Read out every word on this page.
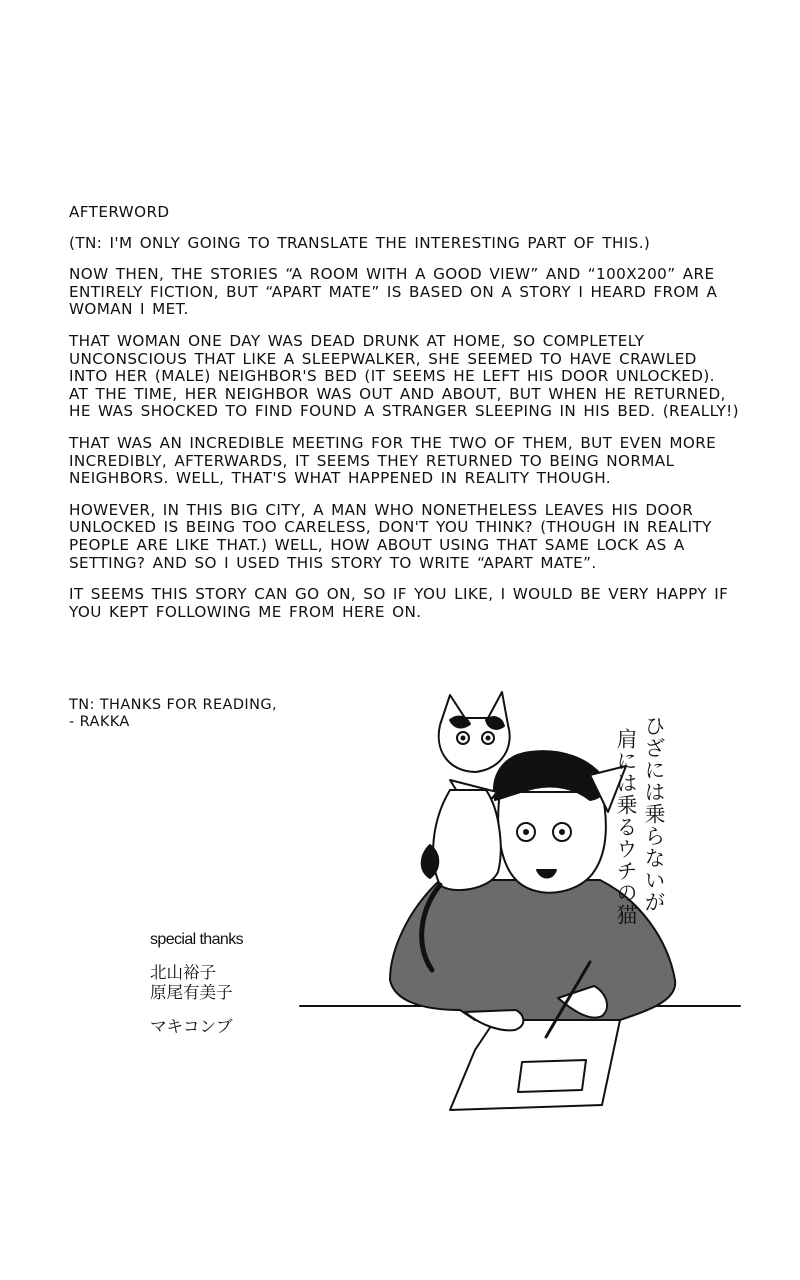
AFTERWORD

(TN: I'M ONLY GOING TO TRANSLATE THE INTERESTING PART OF THIS.)

NOW THEN, THE STORIES “A ROOM WITH A GOOD VIEW” AND “100X200” ARE ENTIRELY FICTION, BUT “APART MATE” IS BASED ON A STORY I HEARD FROM A WOMAN I MET.

THAT WOMAN ONE DAY WAS DEAD DRUNK AT HOME, SO COMPLETELY UNCONSCIOUS THAT LIKE A SLEEPWALKER, SHE SEEMED TO HAVE CRAWLED INTO HER (MALE) NEIGHBOR'S BED (IT SEEMS HE LEFT HIS DOOR UNLOCKED). AT THE TIME, HER NEIGHBOR WAS OUT AND ABOUT, BUT WHEN HE RETURNED, HE WAS SHOCKED TO FIND FOUND A STRANGER SLEEPING IN HIS BED. (REALLY!)

THAT WAS AN INCREDIBLE MEETING FOR THE TWO OF THEM, BUT EVEN MORE INCREDIBLY, AFTERWARDS, IT SEEMS THEY RETURNED TO BEING NORMAL NEIGHBORS. WELL, THAT'S WHAT HAPPENED IN REALITY THOUGH.

HOWEVER, IN THIS BIG CITY, A MAN WHO NONETHELESS LEAVES HIS DOOR UNLOCKED IS BEING TOO CARELESS, DON'T YOU THINK? (THOUGH IN REALITY PEOPLE ARE LIKE THAT.) WELL, HOW ABOUT USING THAT SAME LOCK AS A SETTING? AND SO I USED THIS STORY TO WRITE “APART MATE”.

IT SEEMS THIS STORY CAN GO ON, SO IF YOU LIKE, I WOULD BE VERY HAPPY IF YOU KEPT FOLLOWING ME FROM HERE ON.

TN: THANKS FOR READING,
- RAKKA
special thanks
北山裕子
原尾有美子
マキコンブ
ひざには乗らないが
肩には乗るウチの猫
